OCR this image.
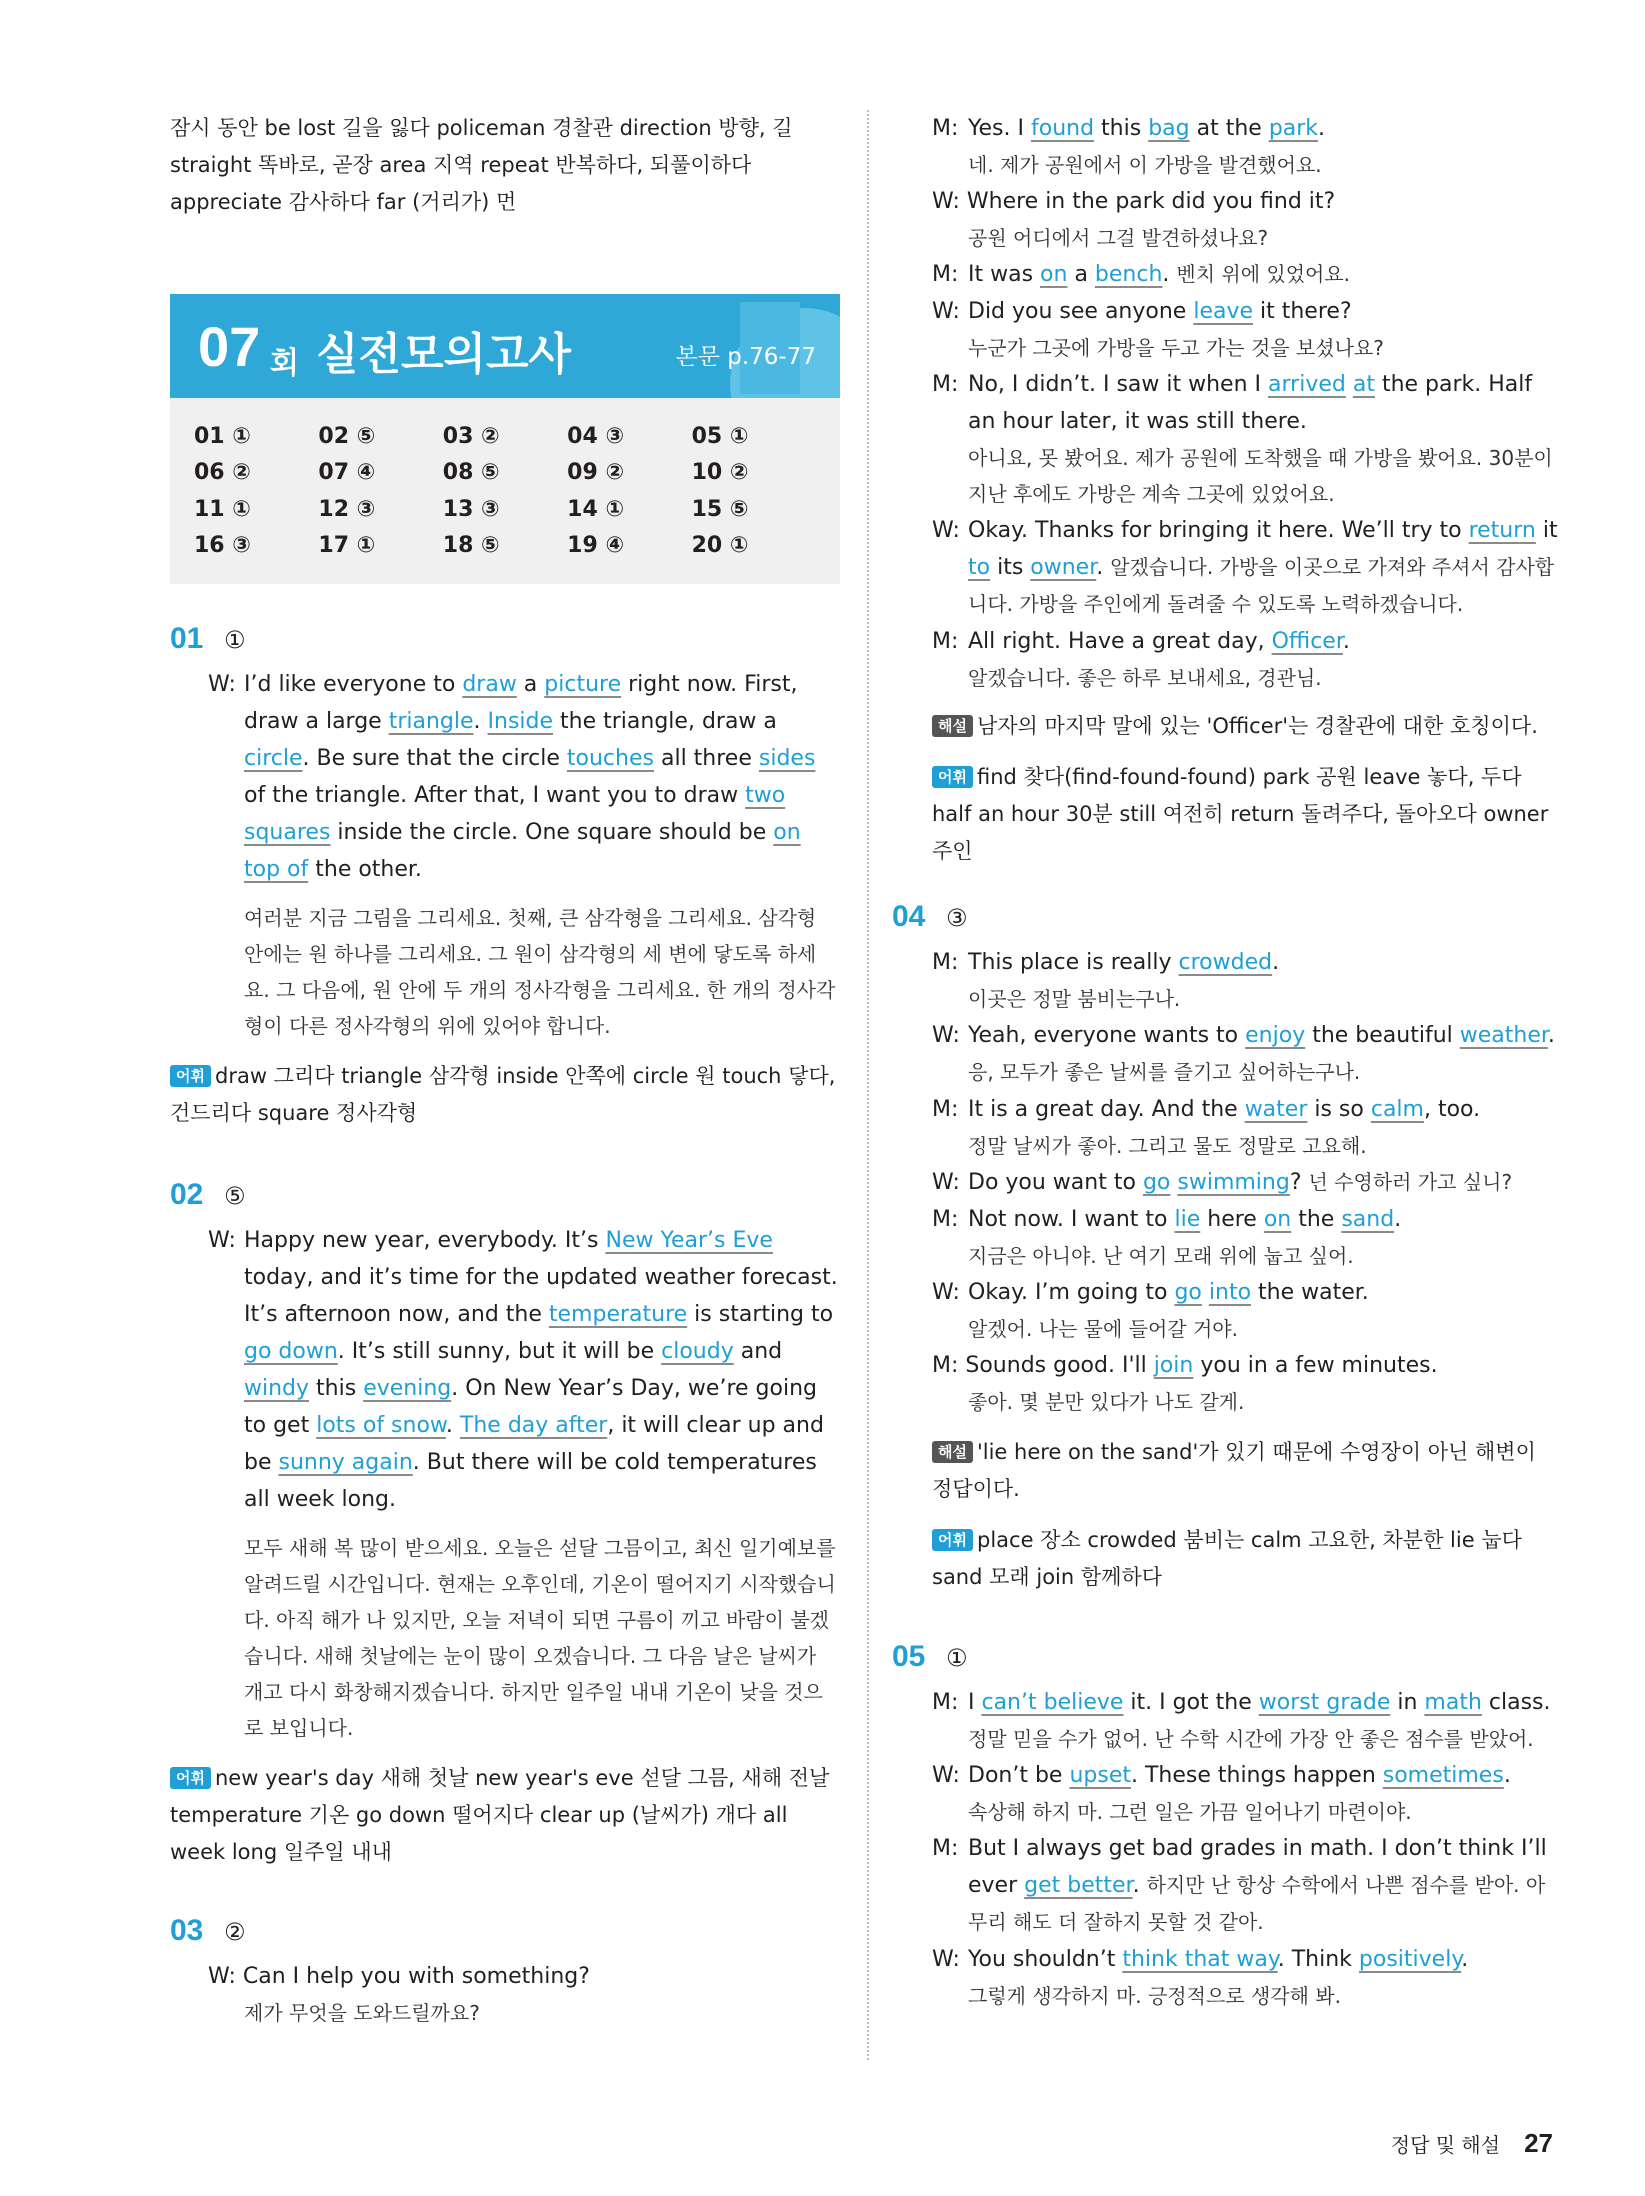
잠시 동안 be lost 길을 잃다 policeman 경찰관 direction 방향, 길 straight 똑바로, 곧장 area 지역 repeat 반복하다, 되풀이하다 appreciate 감사하다 far (거리가) 먼
07 회 실전모의고사	본문 p.76-77
01 ①	02 ⑤	03 ②	04 ③	05 ①
06 ②	07 ④	08 ⑤	09 ②	10 ②
11 ①	12 ③	13 ③	14 ①	15 ⑤
16 ③	17 ①	18 ⑤	19 ④	20 ①
01 ①
W: I’d like everyone to draw a picture right now. First, draw a large triangle. Inside the triangle, draw a circle. Be sure that the circle touches all three sides of the triangle. After that, I want you to draw two squares inside the circle. One square should be on top of the other.
여러분 지금 그림을 그리세요. 첫째, 큰 삼각형을 그리세요. 삼각형 안에는 원 하나를 그리세요. 그 원이 삼각형의 세 변에 닿도록 하세요. 그 다음에, 원 안에 두 개의 정사각형을 그리세요. 한 개의 정사각형이 다른 정사각형의 위에 있어야 합니다.
어휘 draw 그리다 triangle 삼각형 inside 안쪽에 circle 원 touch 닿다, 건드리다 square 정사각형
02 ⑤
W: Happy new year, everybody. It’s New Year’s Eve today, and it’s time for the updated weather forecast. It’s afternoon now, and the temperature is starting to go down. It’s still sunny, but it will be cloudy and windy this evening. On New Year’s Day, we’re going to get lots of snow. The day after, it will clear up and be sunny again. But there will be cold temperatures all week long.
모두 새해 복 많이 받으세요. 오늘은 섣달 그믐이고, 최신 일기예보를 알려드릴 시간입니다. 현재는 오후인데, 기온이 떨어지기 시작했습니다. 아직 해가 나 있지만, 오늘 저녁이 되면 구름이 끼고 바람이 불겠습니다. 새해 첫날에는 눈이 많이 오겠습니다. 그 다음 날은 날씨가 개고 다시 화창해지겠습니다. 하지만 일주일 내내 기온이 낮을 것으로 보입니다.
어휘 new year's day 새해 첫날 new year's eve 섣달 그믐, 새해 전날 temperature 기온 go down 떨어지다 clear up (날씨가) 개다 all week long 일주일 내내
03 ②
W: Can I help you with something?
제가 무엇을 도와드릴까요?
M: Yes. I found this bag at the park.
네. 제가 공원에서 이 가방을 발견했어요.
W: Where in the park did you find it?
공원 어디에서 그걸 발견하셨나요?
M: It was on a bench. 벤치 위에 있었어요.
W: Did you see anyone leave it there?
누군가 그곳에 가방을 두고 가는 것을 보셨나요?
M: No, I didn’t. I saw it when I arrived at the park. Half an hour later, it was still there.
아니요, 못 봤어요. 제가 공원에 도착했을 때 가방을 봤어요. 30분이 지난 후에도 가방은 계속 그곳에 있었어요.
W: Okay. Thanks for bringing it here. We’ll try to return it to its owner. 알겠습니다. 가방을 이곳으로 가져와 주셔서 감사합니다. 가방을 주인에게 돌려줄 수 있도록 노력하겠습니다.
M: All right. Have a great day, Officer.
알겠습니다. 좋은 하루 보내세요, 경관님.
해설 남자의 마지막 말에 있는 'Officer'는 경찰관에 대한 호칭이다.
어휘 find 찾다(find-found-found) park 공원 leave 놓다, 두다 half an hour 30분 still 여전히 return 돌려주다, 돌아오다 owner 주인
04 ③
M: This place is really crowded.
이곳은 정말 붐비는구나.
W: Yeah, everyone wants to enjoy the beautiful weather. 응, 모두가 좋은 날씨를 즐기고 싶어하는구나.
M: It is a great day. And the water is so calm, too.
정말 날씨가 좋아. 그리고 물도 정말로 고요해.
W: Do you want to go swimming? 넌 수영하러 가고 싶니?
M: Not now. I want to lie here on the sand.
지금은 아니야. 난 여기 모래 위에 눕고 싶어.
W: Okay. I’m going to go into the water.
알겠어. 나는 물에 들어갈 거야.
M: Sounds good. I'll join you in a few minutes.
좋아. 몇 분만 있다가 나도 갈게.
해설 'lie here on the sand'가 있기 때문에 수영장이 아닌 해변이 정답이다.
어휘 place 장소 crowded 붐비는 calm 고요한, 차분한 lie 눕다 sand 모래 join 함께하다
05 ①
M: I can’t believe it. I got the worst grade in math class.
정말 믿을 수가 없어. 난 수학 시간에 가장 안 좋은 점수를 받았어.
W: Don’t be upset. These things happen sometimes.
속상해 하지 마. 그런 일은 가끔 일어나기 마련이야.
M: But I always get bad grades in math. I don’t think I’ll ever get better. 하지만 난 항상 수학에서 나쁜 점수를 받아. 아무리 해도 더 잘하지 못할 것 같아.
W: You shouldn’t think that way. Think positively.
그렇게 생각하지 마. 긍정적으로 생각해 봐.
정답 및 해설 27
